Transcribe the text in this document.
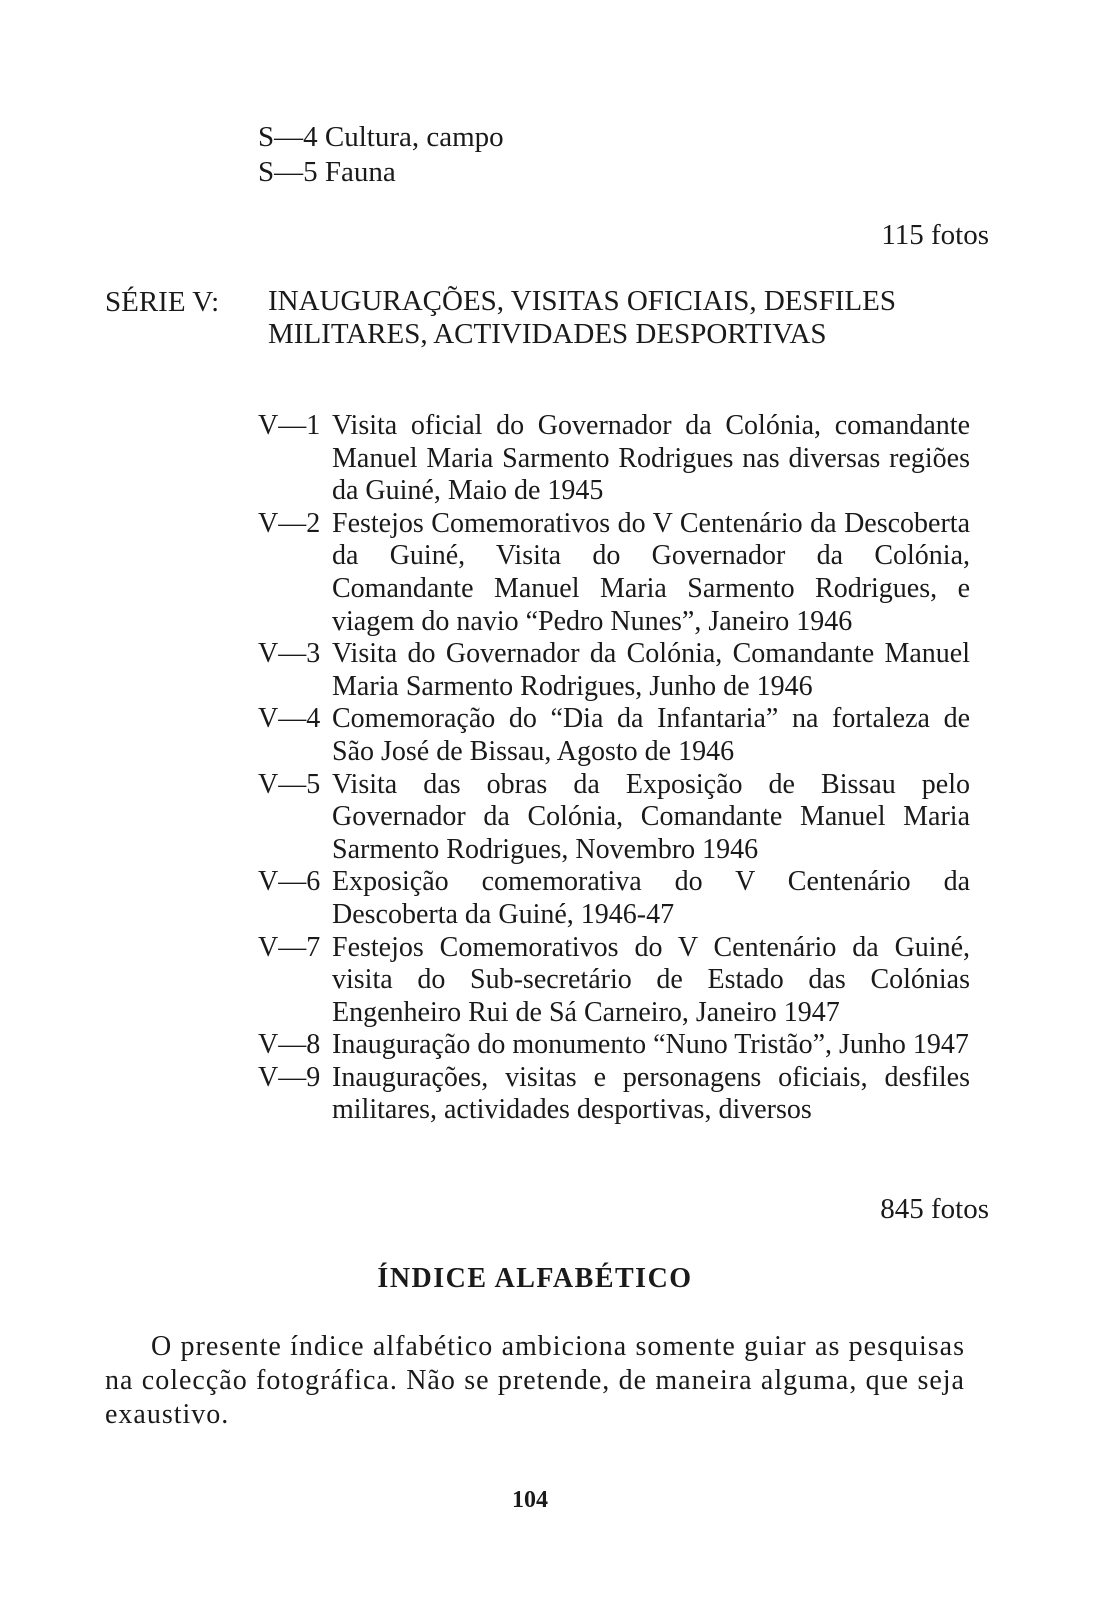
S—4 Cultura, campo
S—5 Fauna
115 fotos
SÉRIE V: INAUGURAÇÕES, VISITAS OFICIAIS, DESFILES MILITARES, ACTIVIDADES DESPORTIVAS
V—1 Visita oficial do Governador da Colónia, comandante Manuel Maria Sarmento Rodrigues nas diversas regiões da Guiné, Maio de 1945
V—2 Festejos Comemorativos do V Centenário da Descoberta da Guiné, Visita do Governador da Colónia, Comandante Manuel Maria Sarmento Rodrigues, e viagem do navio “Pedro Nunes”, Janeiro 1946
V—3 Visita do Governador da Colónia, Comandante Manuel Maria Sarmento Rodrigues, Junho de 1946
V—4 Comemoração do “Dia da Infantaria” na fortaleza de São José de Bissau, Agosto de 1946
V—5 Visita das obras da Exposição de Bissau pelo Governador da Colónia, Comandante Manuel Maria Sarmento Rodrigues, Novembro 1946
V—6 Exposição comemorativa do V Centenário da Descoberta da Guiné, 1946-47
V—7 Festejos Comemorativos do V Centenário da Guiné, visita do Sub-secretário de Estado das Colónias Engenheiro Rui de Sá Carneiro, Janeiro 1947
V—8 Inauguração do monumento “Nuno Tristão”, Junho 1947
V—9 Inaugurações, visitas e personagens oficiais, desfiles militares, actividades desportivas, diversos
845 fotos
ÍNDICE ALFABÉTICO
O presente índice alfabético ambiciona somente guiar as pesquisas na colecção fotográfica. Não se pretende, de maneira alguma, que seja exaustivo.
104
